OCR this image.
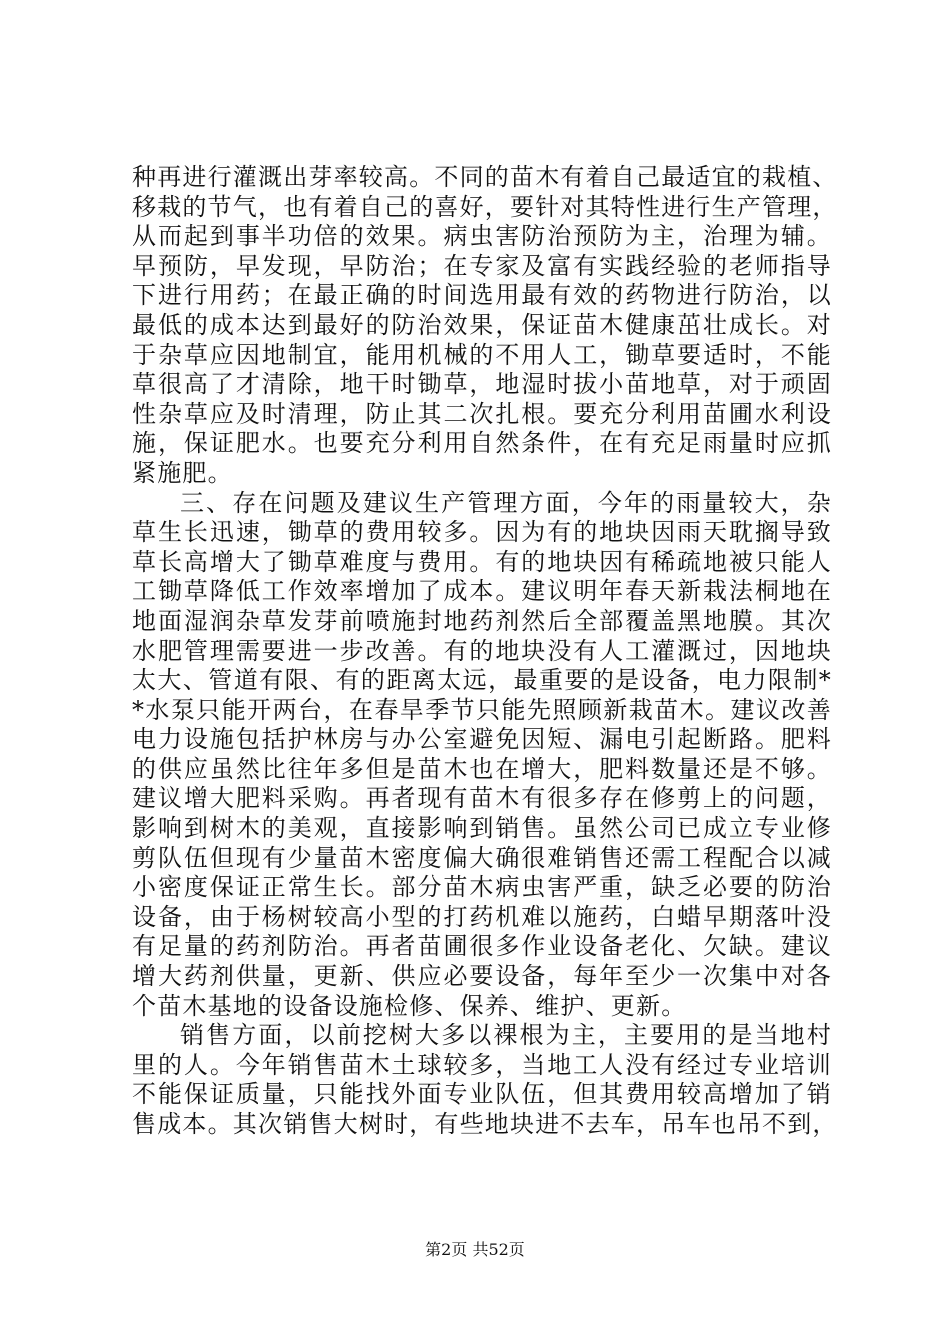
种再进行灌溉出芽率较高。不同的苗木有着自己最适宜的栽植、
移栽的节气，也有着自己的喜好，要针对其特性进行生产管理，
从而起到事半功倍的效果。病虫害防治预防为主，治理为辅。
早预防，早发现，早防治；在专家及富有实践经验的老师指导
下进行用药；在最正确的时间选用最有效的药物进行防治，以
最低的成本达到最好的防治效果，保证苗木健康茁壮成长。对
于杂草应因地制宜，能用机械的不用人工，锄草要适时，不能
草很高了才清除，地干时锄草，地湿时拔小苗地草，对于顽固
性杂草应及时清理，防止其二次扎根。要充分利用苗圃水利设
施，保证肥水。也要充分利用自然条件，在有充足雨量时应抓
紧施肥。
三、存在问题及建议生产管理方面，今年的雨量较大，杂
草生长迅速，锄草的费用较多。因为有的地块因雨天耽搁导致
草长高增大了锄草难度与费用。有的地块因有稀疏地被只能人
工锄草降低工作效率增加了成本。建议明年春天新栽法桐地在
地面湿润杂草发芽前喷施封地药剂然后全部覆盖黑地膜。其次
水肥管理需要进一步改善。有的地块没有人工灌溉过，因地块
太大、管道有限、有的距离太远，最重要的是设备，电力限制*
*水泵只能开两台，在春旱季节只能先照顾新栽苗木。建议改善
电力设施包括护林房与办公室避免因短、漏电引起断路。肥料
的供应虽然比往年多但是苗木也在增大，肥料数量还是不够。
建议增大肥料采购。再者现有苗木有很多存在修剪上的问题，
影响到树木的美观，直接影响到销售。虽然公司已成立专业修
剪队伍但现有少量苗木密度偏大确很难销售还需工程配合以减
小密度保证正常生长。部分苗木病虫害严重，缺乏必要的防治
设备，由于杨树较高小型的打药机难以施药，白蜡早期落叶没
有足量的药剂防治。再者苗圃很多作业设备老化、欠缺。建议
增大药剂供量，更新、供应必要设备，每年至少一次集中对各
个苗木基地的设备设施检修、保养、维护、更新。
销售方面，以前挖树大多以裸根为主，主要用的是当地村
里的人。今年销售苗木土球较多，当地工人没有经过专业培训
不能保证质量，只能找外面专业队伍，但其费用较高增加了销
售成本。其次销售大树时，有些地块进不去车，吊车也吊不到，
第2页 共52页
